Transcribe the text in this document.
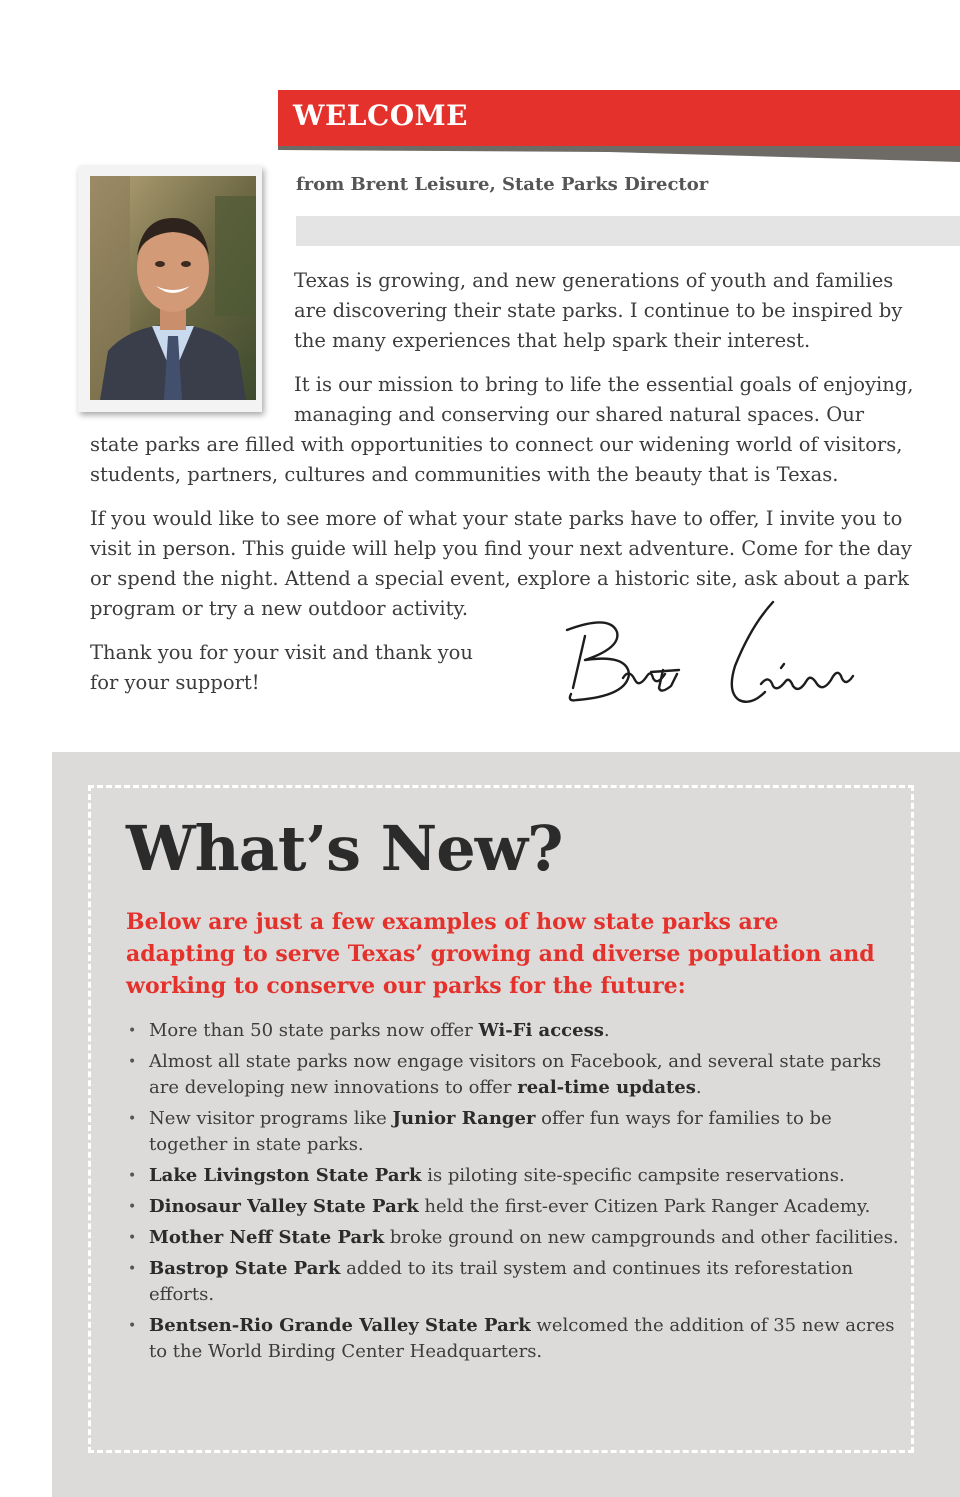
WELCOME
from Brent Leisure, State Parks Director
Texas is growing, and new generations of youth and families
are discovering their state parks. I continue to be inspired by
the many experiences that help spark their interest.
It is our mission to bring to life the essential goals of enjoying,
managing and conserving our shared natural spaces. Our
state parks are filled with opportunities to connect our widening world of visitors,
students, partners, cultures and communities with the beauty that is Texas.
If you would like to see more of what your state parks have to offer, I invite you to
visit in person. This guide will help you find your next adventure. Come for the day
or spend the night. Attend a special event, explore a historic site, ask about a park
program or try a new outdoor activity.
Thank you for your visit and thank you
for your support!
What’s New?
Below are just a few examples of how state parks are adapting to serve Texas’ growing and diverse population and working to conserve our parks for the future:
• More than 50 state parks now offer Wi-Fi access.
• Almost all state parks now engage visitors on Facebook, and several state parks are developing new innovations to offer real-time updates.
• New visitor programs like Junior Ranger offer fun ways for families to be together in state parks.
• Lake Livingston State Park is piloting site-specific campsite reservations.
• Dinosaur Valley State Park held the first-ever Citizen Park Ranger Academy.
• Mother Neff State Park broke ground on new campgrounds and other facilities.
• Bastrop State Park added to its trail system and continues its reforestation efforts.
• Bentsen-Rio Grande Valley State Park welcomed the addition of 35 new acres to the World Birding Center Headquarters.
